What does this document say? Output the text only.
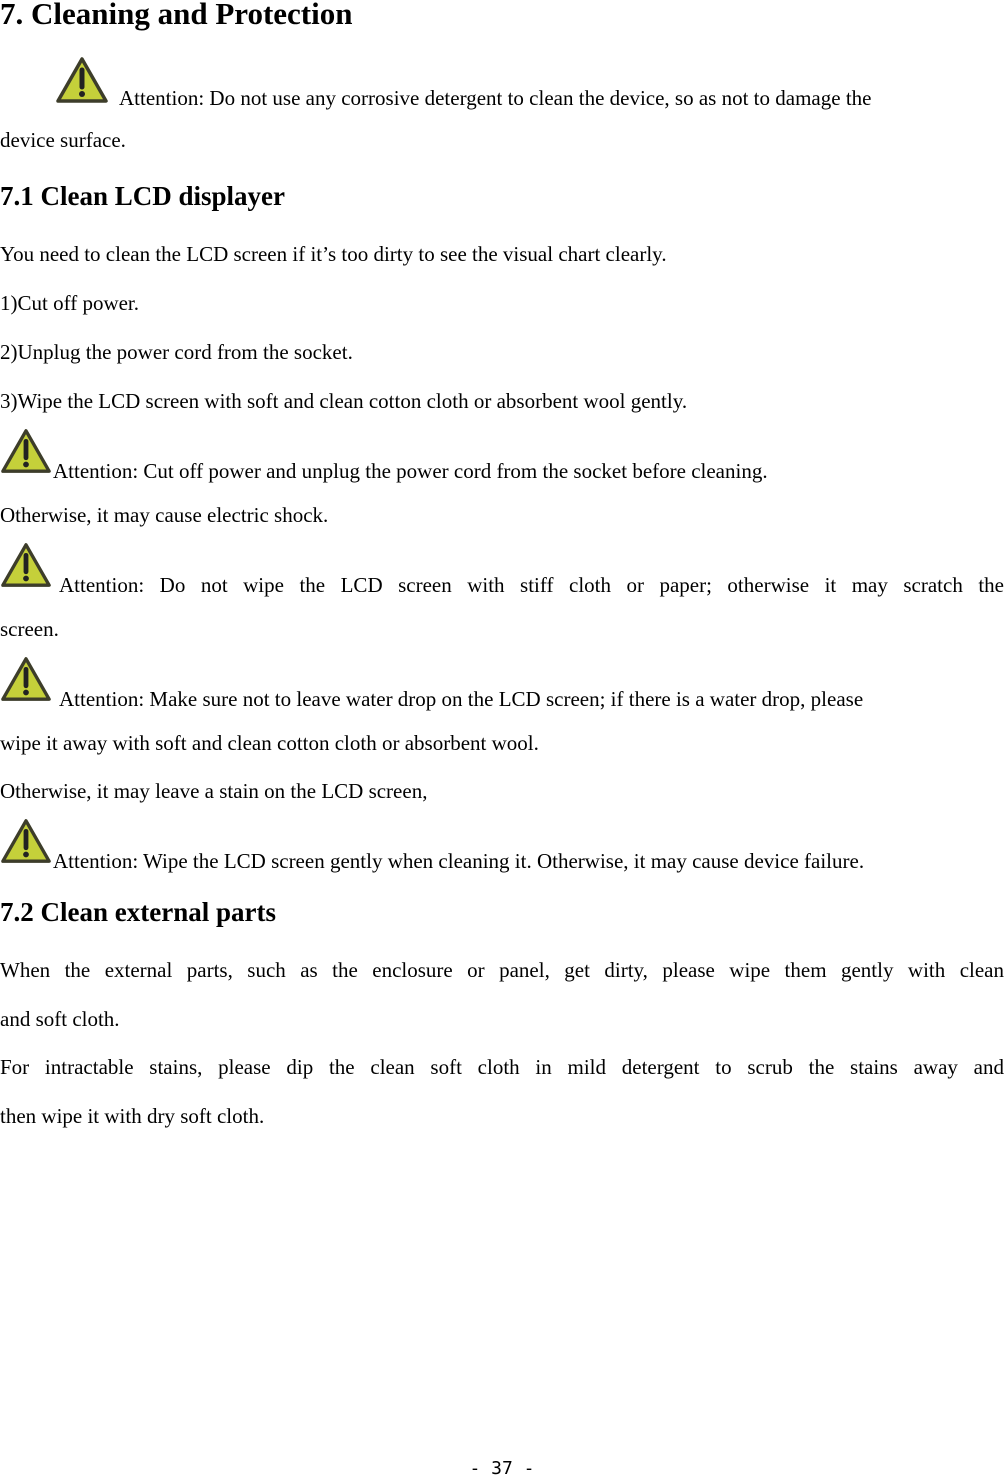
7. Cleaning and Protection
Attention: Do not use any corrosive detergent to clean the device, so as not to damage the
device surface.
7.1 Clean LCD displayer
You need to clean the LCD screen if it’s too dirty to see the visual chart clearly.
1)Cut off power.
2)Unplug the power cord from the socket.
3)Wipe the LCD screen with soft and clean cotton cloth or absorbent wool gently.
Attention: Cut off power and unplug the power cord from the socket before cleaning.
Otherwise, it may cause electric shock.
Attention: Do not wipe the LCD screen with stiff cloth or paper; otherwise it may scratch the
screen.
Attention: Make sure not to leave water drop on the LCD screen; if there is a water drop, please
wipe it away with soft and clean cotton cloth or absorbent wool.
Otherwise, it may leave a stain on the LCD screen,
Attention: Wipe the LCD screen gently when cleaning it. Otherwise, it may cause device failure.
7.2 Clean external parts
When the external parts, such as the enclosure or panel, get dirty, please wipe them gently with clean
and soft cloth.
For intractable stains, please dip the clean soft cloth in mild detergent to scrub the stains away and
then wipe it with dry soft cloth.
- 37 -
